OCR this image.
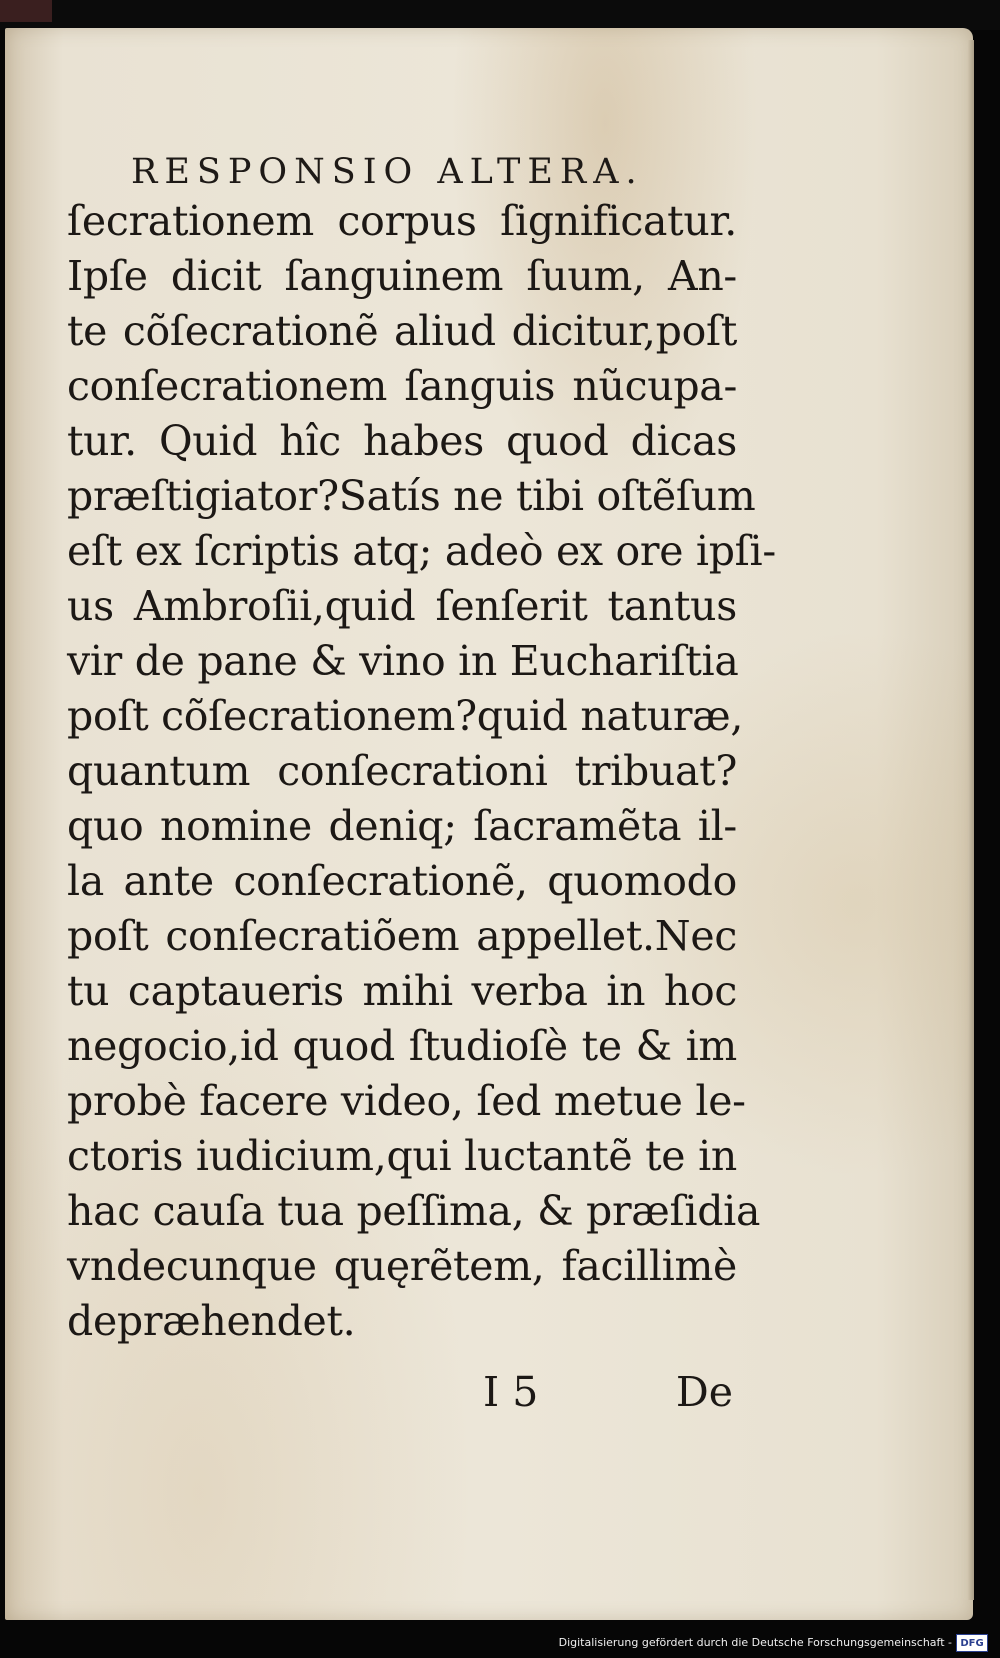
RESPONSIO ALTERA.
ſecrationem corpus ſignificatur.
Ipſe dicit ſanguinem ſuum, An-
te cõſecrationẽ aliud dicitur,poſt
conſecrationem ſanguis nũcupa-
tur. Quid hîc habes quod dicas
præſtigiator?Satís ne tibi oſtẽſum
eſt ex ſcriptis atq; adeò ex ore ipſi-
us Ambroſii,quid ſenſerit tantus
vir de pane & vino in Euchariſtia
poſt cõſecrationem?quid naturæ,
quantum conſecrationi tribuat?
quo nomine deniq; ſacramẽta il-
la ante conſecrationẽ, quomodo
poſt conſecratiõem appellet.Nec
tu captaueris mihi verba in hoc
negocio,id quod ſtudioſè te & im
probè facere video, ſed metue le-
ctoris iudicium,qui luctantẽ te in
hac cauſa tua peſſima, & præſidia
vndecunque quęrẽtem, facillimè
depræhendet.
I 5	De
Digitalisierung gefördert durch die Deutsche Forschungsgemeinschaft - DFG
